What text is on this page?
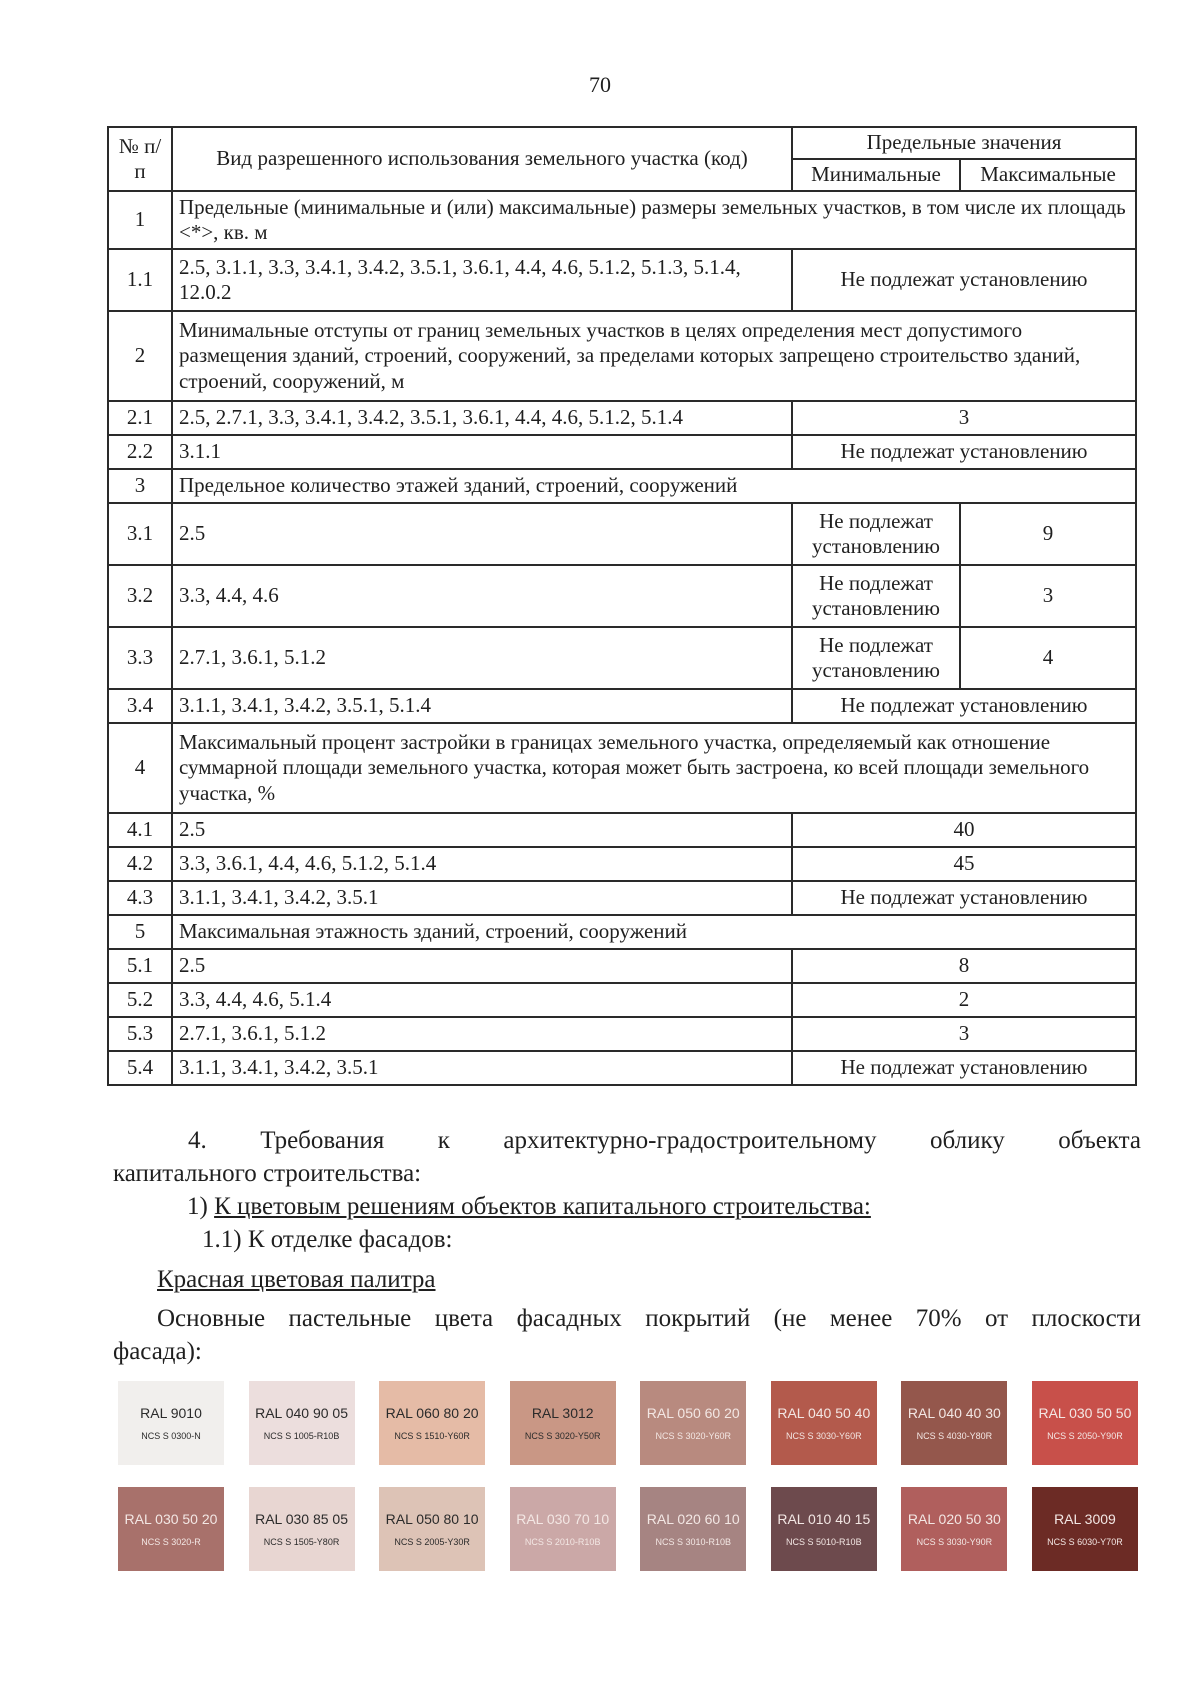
70
№ п/п	Вид разрешенного использования земельного участка (код)	Предельные значения	
		Минимальные	Максимальные
1	Предельные (минимальные и (или) максимальные) размеры земельных участков, в том числе их площадь <*>, кв. м		
1.1	2.5, 3.1.1, 3.3, 3.4.1, 3.4.2, 3.5.1, 3.6.1, 4.4, 4.6, 5.1.2, 5.1.3, 5.1.4, 12.0.2	Не подлежат установлению	
2	Минимальные отступы от границ земельных участков в целях определения мест допустимого размещения зданий, строений, сооружений, за пределами которых запрещено строительство зданий, строений, сооружений, м		
2.1	2.5, 2.7.1, 3.3, 3.4.1, 3.4.2, 3.5.1, 3.6.1, 4.4, 4.6, 5.1.2, 5.1.4	3	
2.2	3.1.1	Не подлежат установлению	
3	Предельное количество этажей зданий, строений, сооружений		
3.1	2.5	Не подлежат установлению	9
3.2	3.3, 4.4, 4.6	Не подлежат установлению	3
3.3	2.7.1, 3.6.1, 5.1.2	Не подлежат установлению	4
3.4	3.1.1, 3.4.1, 3.4.2, 3.5.1, 5.1.4	Не подлежат установлению	
4	Максимальный процент застройки в границах земельного участка, определяемый как отношение суммарной площади земельного участка, которая может быть застроена, ко всей площади земельного участка, %		
4.1	2.5	40	
4.2	3.3, 3.6.1, 4.4, 4.6, 5.1.2, 5.1.4	45	
4.3	3.1.1, 3.4.1, 3.4.2, 3.5.1	Не подлежат установлению	
5	Максимальная этажность зданий, строений, сооружений		
5.1	2.5	8	
5.2	3.3, 4.4, 4.6, 5.1.4	2	
5.3	2.7.1, 3.6.1, 5.1.2	3	
5.4	3.1.1, 3.4.1, 3.4.2, 3.5.1	Не подлежат установлению	
4. Требования к архитектурно-градостроительному облику объекта
капитального строительства:
1) К цветовым решениям объектов капитального строительства:
1.1) К отделке фасадов:
Красная цветовая палитра
Основные пастельные цвета фасадных покрытий (не менее 70% от плоскости
фасада):
RAL 9010
NCS S 0300-N
RAL 040 90 05
NCS S 1005-R10B
RAL 060 80 20
NCS S 1510-Y60R
RAL 3012
NCS S 3020-Y50R
RAL 050 60 20
NCS S 3020-Y60R
RAL 040 50 40
NCS S 3030-Y60R
RAL 040 40 30
NCS S 4030-Y80R
RAL 030 50 50
NCS S 2050-Y90R
RAL 030 50 20
NCS S 3020-R
RAL 030 85 05
NCS S 1505-Y80R
RAL 050 80 10
NCS S 2005-Y30R
RAL 030 70 10
NCS S 2010-R10B
RAL 020 60 10
NCS S 3010-R10B
RAL 010 40 15
NCS S 5010-R10B
RAL 020 50 30
NCS S 3030-Y90R
RAL 3009
NCS S 6030-Y70R
